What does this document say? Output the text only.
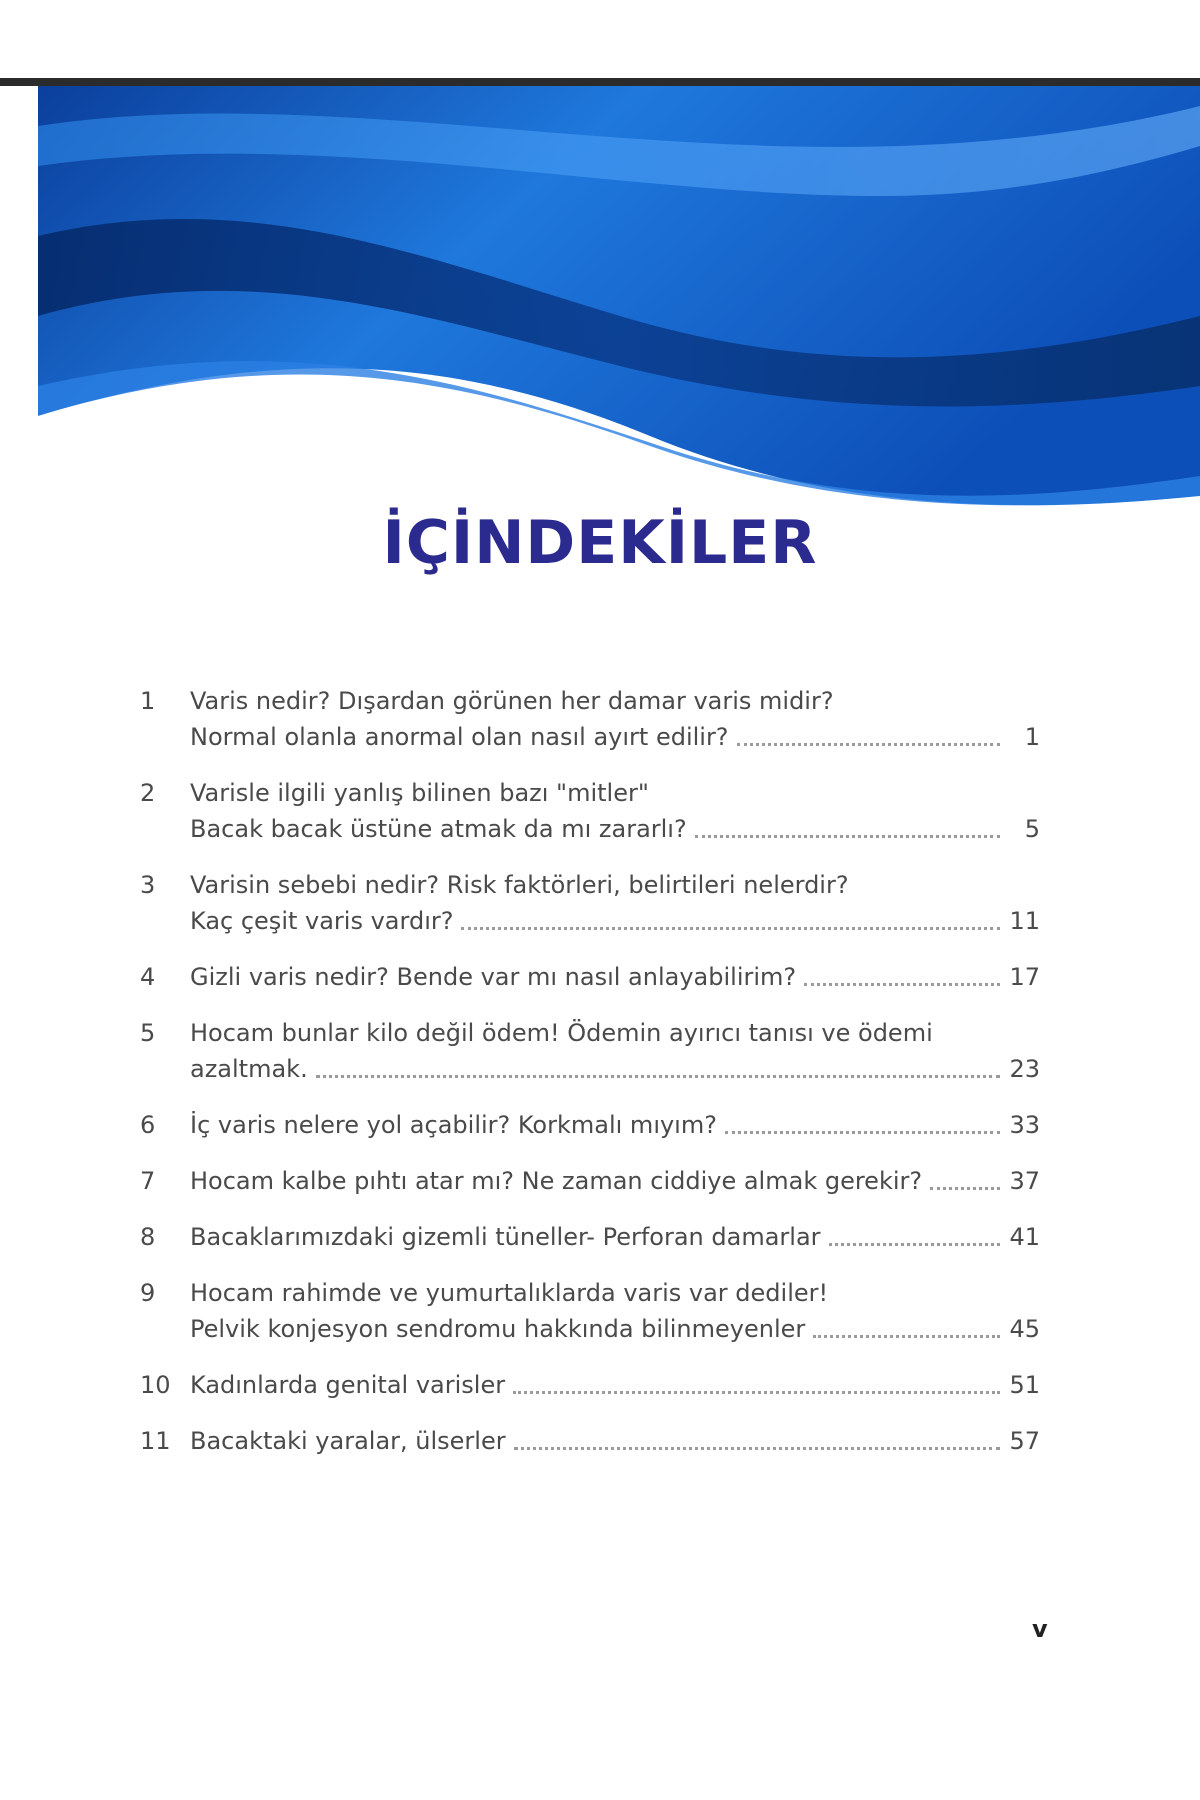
İÇİNDEKİLER
1	Varis nedir? Dışardan görünen her damar varis midir?
Normal olanla anormal olan nasıl ayırt edilir?	1
2	Varisle ilgili yanlış bilinen bazı "mitler"
Bacak bacak üstüne atmak da mı zararlı?	5
3	Varisin sebebi nedir? Risk faktörleri, belirtileri nelerdir?
Kaç çeşit varis vardır?	11
4	Gizli varis nedir? Bende var mı nasıl anlayabilirim?	17
5	Hocam bunlar kilo değil ödem! Ödemin ayırıcı tanısı ve ödemi
azaltmak.	23
6	İç varis nelere yol açabilir? Korkmalı mıyım?	33
7	Hocam kalbe pıhtı atar mı? Ne zaman ciddiye almak gerekir?	37
8	Bacaklarımızdaki gizemli tüneller- Perforan damarlar	41
9	Hocam rahimde ve yumurtalıklarda varis var dediler!
Pelvik konjesyon sendromu hakkında bilinmeyenler	45
10 Kadınlarda genital varisler	51
11 Bacaktaki yaralar, ülserler	57
v
